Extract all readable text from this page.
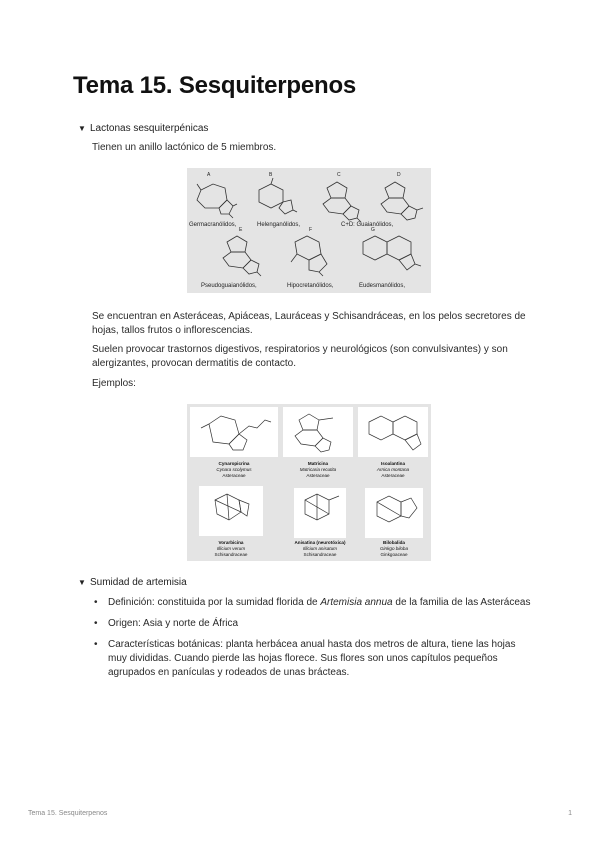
Tema 15. Sesquiterpenos
▼ Lactonas sesquiterpénicas
Tienen un anillo lactónico de 5 miembros.
A	B	C	D
E	F	G
Germacranólidos,	Helenganólidos,	C+D: Guaianólidos,
Pseudoguaianólidos,	Hipocretanólidos,	Eudesmanólidos,
Se encuentran en Asteráceas, Apiáceas, Lauráceas y Schisandráceas, en los pelos secretores de hojas, tallos frutos o inflorescencias.
Suelen provocar trastornos digestivos, respiratorios y neurológicos (son convulsivantes) y son alergizantes, provocan dermatitis de contacto.
Ejemplos:
Cynaropicrina
Cynara scolymus
Asteraceae
Matricina
Matricaria recutita
Asteraceae
Isoalantina
Arnica montana
Asteraceae
Vorarbicina
Illicium verum
Schisandraceae
Anisatina (neurotóxica)
Illicium anisatum
Schisandraceae
Bilobalida
Ginkgo biloba
Ginkgoaceae
▼ Sumidad de artemisia
• Definición: constituida por la sumidad florida de Artemisia annua de la familia de las Asteráceas
• Origen: Asia y norte de África
• Características botánicas: planta herbácea anual hasta dos metros de altura, tiene las hojas muy divididas. Cuando pierde las hojas florece. Sus flores son unos capítulos pequeños agrupados en panículas y rodeados de unas brácteas.
Tema 15. Sesquiterpenos	1
